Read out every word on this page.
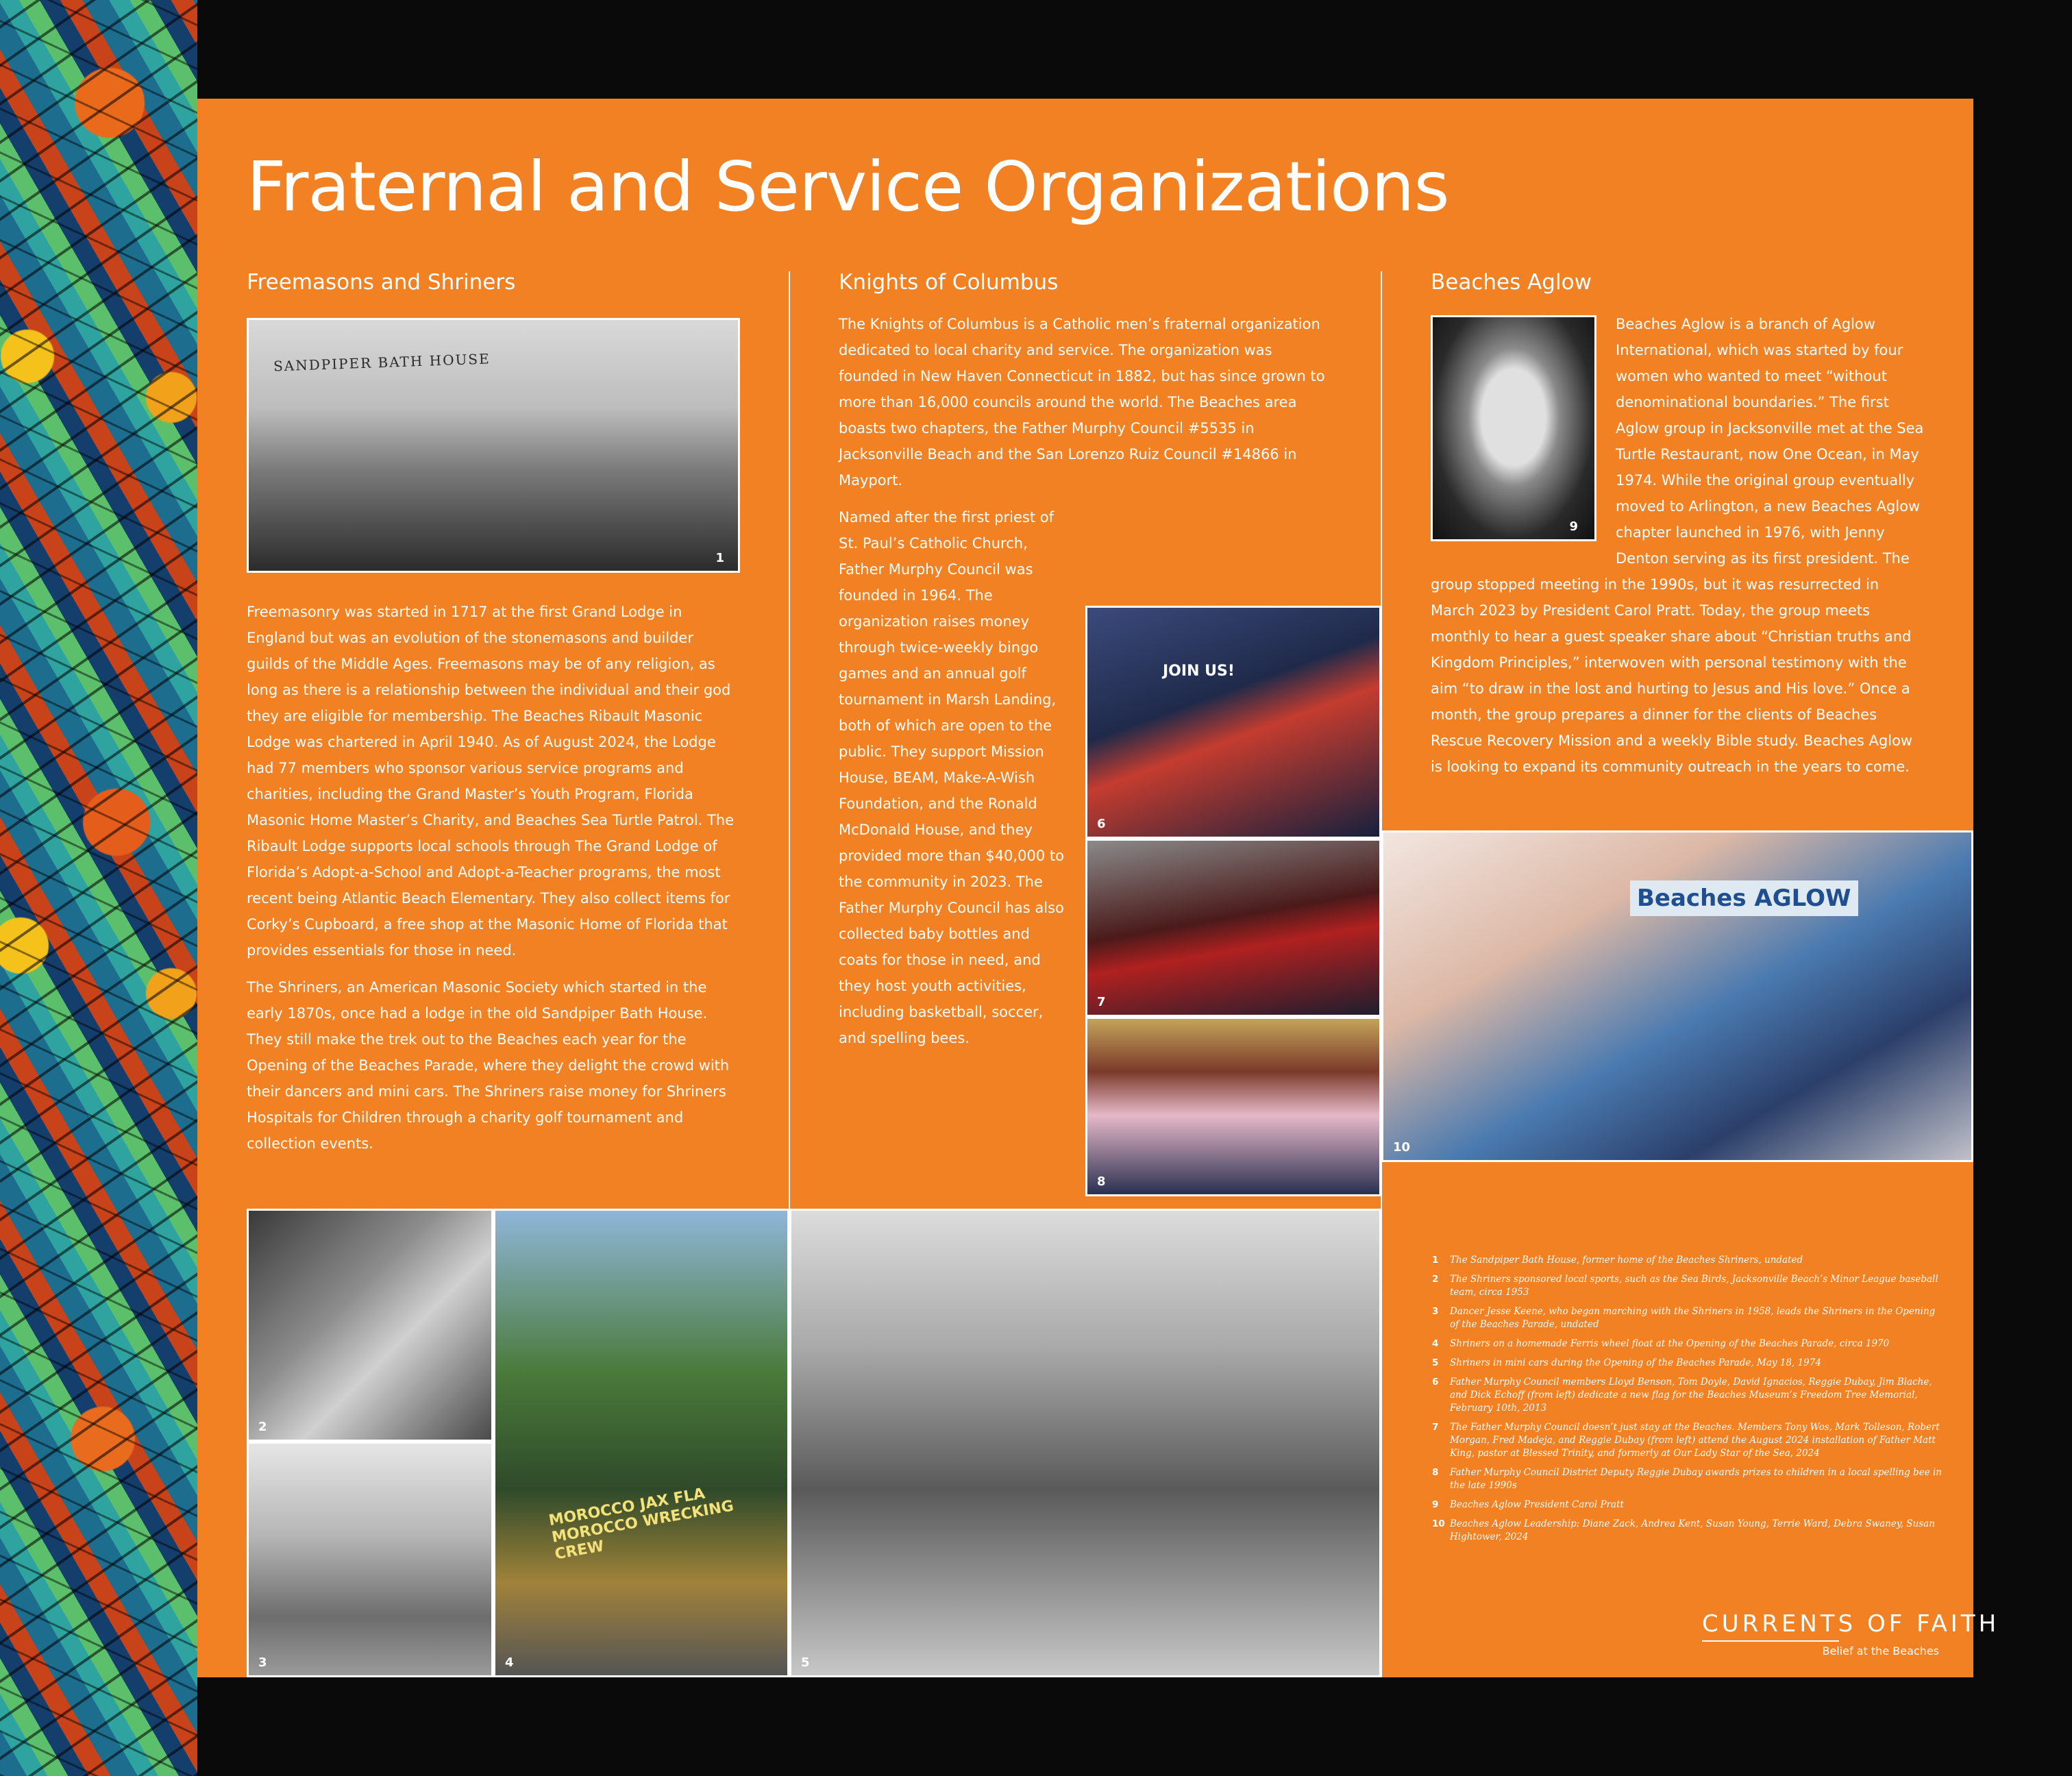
Fraternal and Service Organizations
Freemasons and Shriners
SANDPIPER BATH HOUSE
1

Freemasonry was started in 1717 at the first Grand Lodge in England but was an evolution of the stonemasons and builder guilds of the Middle Ages. Freemasons may be of any religion, as long as there is a relationship between the individual and their god they are eligible for membership. The Beaches Ribault Masonic Lodge was chartered in April 1940. As of August 2024, the Lodge had 77 members who sponsor various service programs and charities, including the Grand Master’s Youth Program, Florida Masonic Home Master’s Charity, and Beaches Sea Turtle Patrol. The Ribault Lodge supports local schools through The Grand Lodge of Florida’s Adopt-a-School and Adopt-a-Teacher programs, the most recent being Atlantic Beach Elementary. They also collect items for Corky’s Cupboard, a free shop at the Masonic Home of Florida that provides essentials for those in need.

The Shriners, an American Masonic Society which started in the early 1870s, once had a lodge in the old Sandpiper Bath House. They still make the trek out to the Beaches each year for the Opening of the Beaches Parade, where they delight the crowd with their dancers and mini cars. The Shriners raise money for Shriners Hospitals for Children through a charity golf tournament and collection events.

Knights of Columbus

The Knights of Columbus is a Catholic men’s fraternal organization dedicated to local charity and service. The organization was founded in New Haven Connecticut in 1882, but has since grown to more than 16,000 councils around the world. The Beaches area boasts two chapters, the Father Murphy Council #5535 in Jacksonville Beach and the San Lorenzo Ruiz Council #14866 in Mayport.

Named after the first priest of St. Paul’s Catholic Church, Father Murphy Council was founded in 1964. The organization raises money through twice-weekly bingo games and an annual golf tournament in Marsh Landing, both of which are open to the public. They support Mission House, BEAM, Make-A-Wish Foundation, and the Ronald McDonald House, and they provided more than $40,000 to the community in 2023. The Father Murphy Council has also collected baby bottles and coats for those in need, and they host youth activities, including basketball, soccer, and spelling bees.

JOIN US!
6
7
8
Beaches Aglow
9

Beaches Aglow is a branch of Aglow International, which was started by four women who wanted to meet “without denominational boundaries.” The first Aglow group in Jacksonville met at the Sea Turtle Restaurant, now One Ocean, in May 1974. While the original group eventually moved to Arlington, a new Beaches Aglow chapter launched in 1976, with Jenny Denton serving as its first president. The group stopped meeting in the 1990s, but it was resurrected in March 2023 by President Carol Pratt. Today, the group meets monthly to hear a guest speaker share about “Christian truths and Kingdom Principles,” interwoven with personal testimony with the aim “to draw in the lost and hurting to Jesus and His love.” Once a month, the group prepares a dinner for the clients of Beaches Rescue Recovery Mission and a weekly Bible study. Beaches Aglow is looking to expand its community outreach in the years to come.

Beaches AGLOW
10
2
3
MOROCCO JAX FLA MOROCCO WRECKING CREW
4	5
1	The Sandpiper Bath House, former home of the Beaches Shriners, undated
2	The Shriners sponsored local sports, such as the Sea Birds, Jacksonville Beach’s Minor League baseball team, circa 1953
3	Dancer Jesse Keene, who began marching with the Shriners in 1958, leads the Shriners in the Opening of the Beaches Parade, undated
4	Shriners on a homemade Ferris wheel float at the Opening of the Beaches Parade, circa 1970
5	Shriners in mini cars during the Opening of the Beaches Parade, May 18, 1974
6	Father Murphy Council members Lloyd Benson, Tom Doyle, David Ignacios, Reggie Dubay, Jim Blache, and Dick Echoff (from left) dedicate a new flag for the Beaches Museum’s Freedom Tree Memorial, February 10th, 2013
7	The Father Murphy Council doesn’t just stay at the Beaches. Members Tony Wos, Mark Tolleson, Robert Morgan, Fred Madeja, and Reggie Dubay (from left) attend the August 2024 installation of Father Matt King, pastor at Blessed Trinity, and formerly at Our Lady Star of the Sea, 2024
8	Father Murphy Council District Deputy Reggie Dubay awards prizes to children in a local spelling bee in the late 1990s
9	Beaches Aglow President Carol Pratt
10 Beaches Aglow Leadership: Diane Zack, Andrea Kent, Susan Young, Terrie Ward, Debra Swaney, Susan Hightower, 2024
CURRENTS OF FAITH
Belief at the Beaches
